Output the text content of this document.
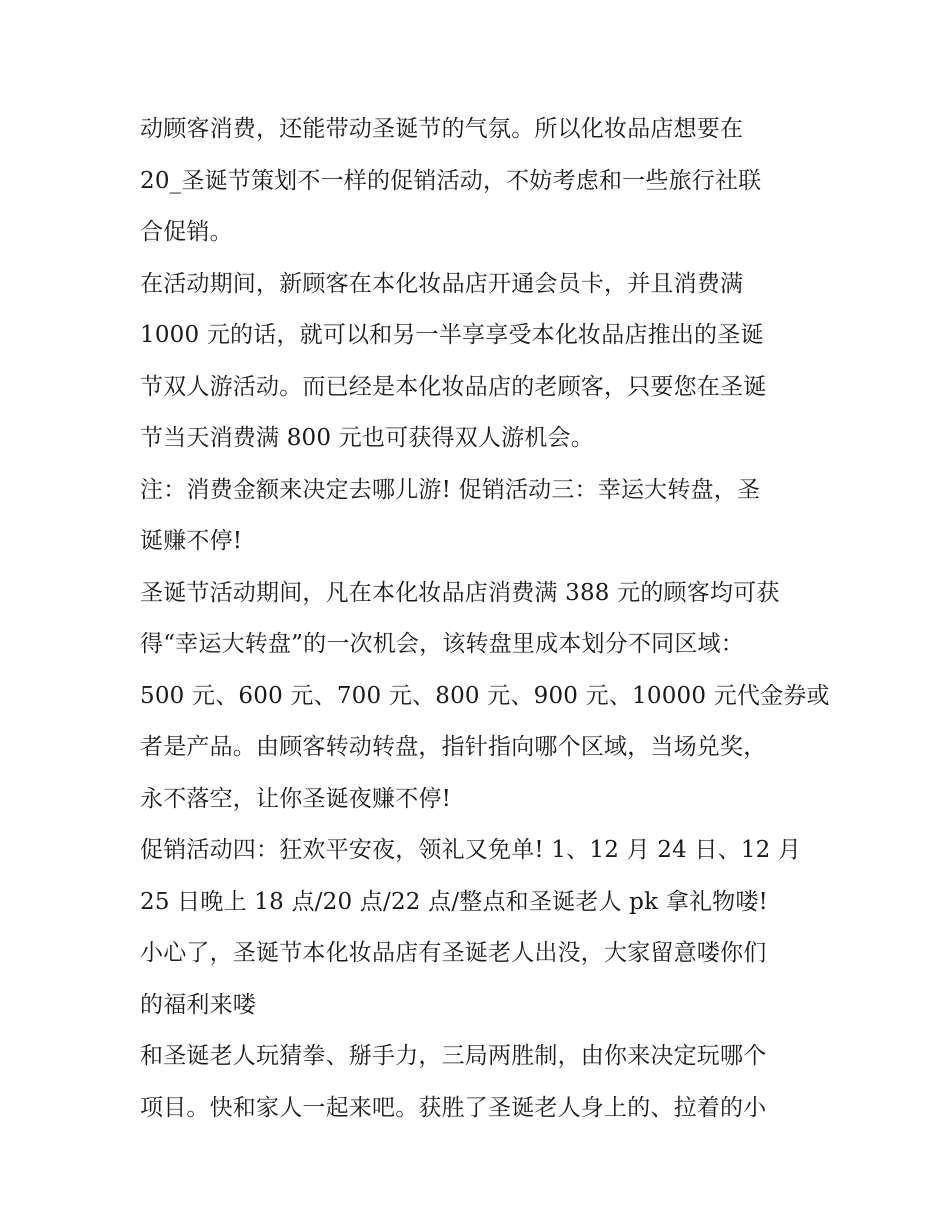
动顾客消费，还能带动圣诞节的气氛。所以化妆品店想要在
20_圣诞节策划不一样的促销活动，不妨考虑和一些旅行社联
合促销。
在活动期间，新顾客在本化妆品店开通会员卡，并且消费满
1000 元的话，就可以和另一半享享受本化妆品店推出的圣诞
节双人游活动。而已经是本化妆品店的老顾客，只要您在圣诞
节当天消费满 800 元也可获得双人游机会。
注：消费金额来决定去哪儿游! 促销活动三：幸运大转盘，圣
诞赚不停!
圣诞节活动期间，凡在本化妆品店消费满 388 元的顾客均可获
得“幸运大转盘”的一次机会，该转盘里成本划分不同区域：
500 元、600 元、700 元、800 元、900 元、10000 元代金券或
者是产品。由顾客转动转盘，指针指向哪个区域，当场兑奖，
永不落空，让你圣诞夜赚不停!
促销活动四：狂欢平安夜，领礼又免单! 1、12 月 24 日、12 月
25 日晚上 18 点/20 点/22 点/整点和圣诞老人 pk 拿礼物喽!
小心了，圣诞节本化妆品店有圣诞老人出没，大家留意喽你们
的福利来喽
和圣诞老人玩猜拳、掰手力，三局两胜制，由你来决定玩哪个
项目。快和家人一起来吧。获胜了圣诞老人身上的、拉着的小
